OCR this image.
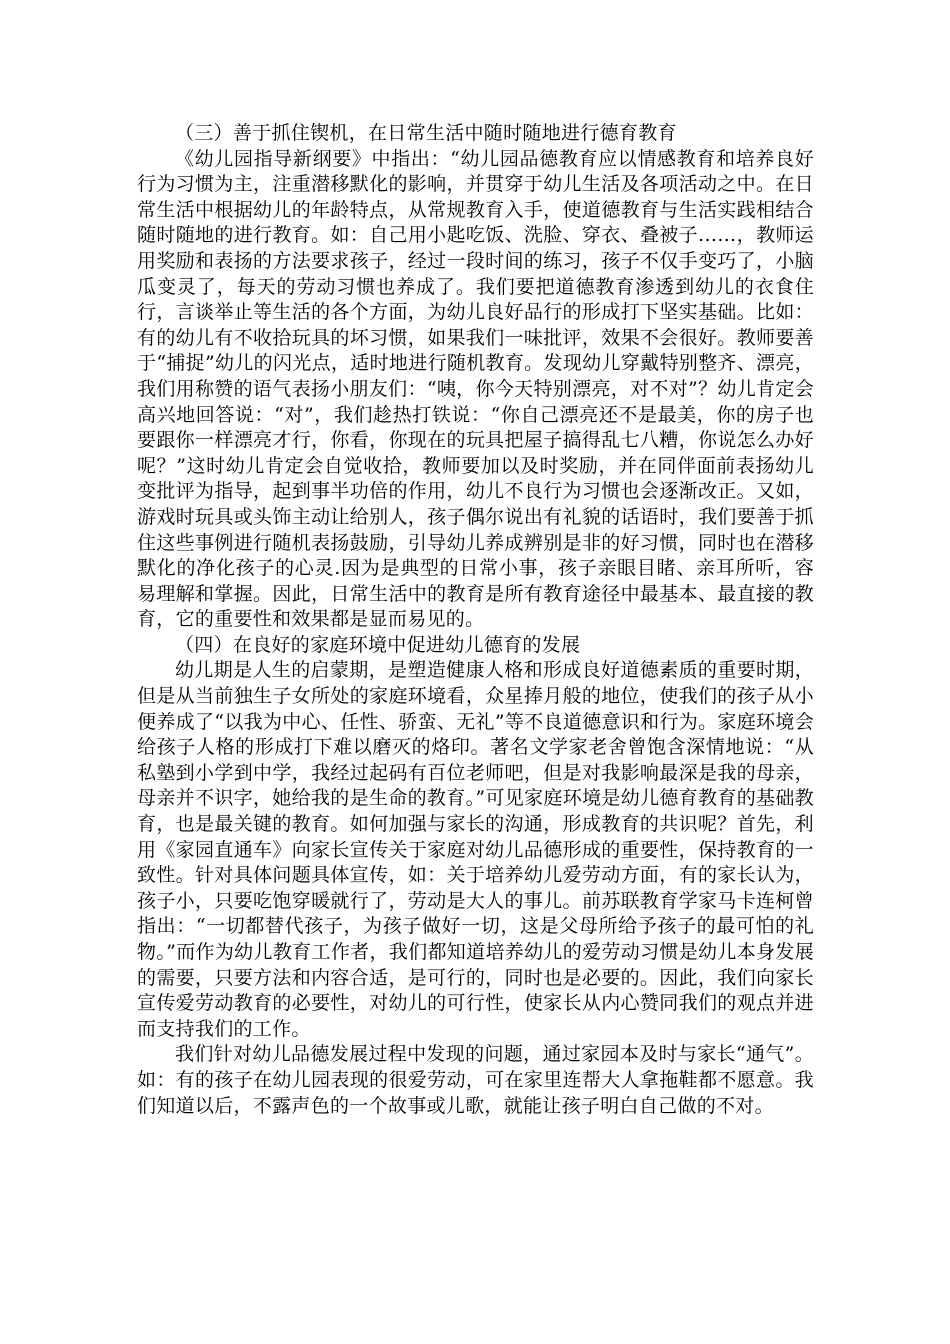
（三）善于抓住锲机，在日常生活中随时随地进行德育教育

《幼儿园指导新纲要》中指出：“幼儿园品德教育应以情感教育和培养良好行为习惯为主，注重潜移默化的影响，并贯穿于幼儿生活及各项活动之中。在日常生活中根据幼儿的年龄特点，从常规教育入手，使道德教育与生活实践相结合随时随地的进行教育。如：自己用小匙吃饭、洗脸、穿衣、叠被子……，教师运用奖励和表扬的方法要求孩子，经过一段时间的练习，孩子不仅手变巧了，小脑瓜变灵了，每天的劳动习惯也养成了。我们要把道德教育渗透到幼儿的衣食住行，言谈举止等生活的各个方面，为幼儿良好品行的形成打下坚实基础。比如：有的幼儿有不收拾玩具的坏习惯，如果我们一味批评，效果不会很好。教师要善于“捕捉”幼儿的闪光点，适时地进行随机教育。发现幼儿穿戴特别整齐、漂亮，我们用称赞的语气表扬小朋友们：“咦，你今天特别漂亮，对不对”？幼儿肯定会高兴地回答说：“对”，我们趁热打铁说：“你自己漂亮还不是最美，你的房子也要跟你一样漂亮才行，你看，你现在的玩具把屋子搞得乱七八糟，你说怎么办好呢？”这时幼儿肯定会自觉收拾，教师要加以及时奖励，并在同伴面前表扬幼儿变批评为指导，起到事半功倍的作用，幼儿不良行为习惯也会逐渐改正。又如，游戏时玩具或头饰主动让给别人，孩子偶尔说出有礼貌的话语时，我们要善于抓住这些事例进行随机表扬鼓励，引导幼儿养成辨别是非的好习惯，同时也在潜移默化的净化孩子的心灵.因为是典型的日常小事，孩子亲眼目睹、亲耳所听，容易理解和掌握。因此，日常生活中的教育是所有教育途径中最基本、最直接的教育，它的重要性和效果都是显而易见的。

（四）在良好的家庭环境中促进幼儿德育的发展

幼儿期是人生的启蒙期，是塑造健康人格和形成良好道德素质的重要时期，但是从当前独生子女所处的家庭环境看，众星捧月般的地位，使我们的孩子从小便养成了“以我为中心、任性、骄蛮、无礼”等不良道德意识和行为。家庭环境会给孩子人格的形成打下难以磨灭的烙印。著名文学家老舍曾饱含深情地说：“从私塾到小学到中学，我经过起码有百位老师吧，但是对我影响最深是我的母亲，母亲并不识字，她给我的是生命的教育。”可见家庭环境是幼儿德育教育的基础教育，也是最关键的教育。如何加强与家长的沟通，形成教育的共识呢？首先，利用《家园直通车》向家长宣传关于家庭对幼儿品德形成的重要性，保持教育的一致性。针对具体问题具体宣传，如：关于培养幼儿爱劳动方面，有的家长认为，孩子小，只要吃饱穿暖就行了，劳动是大人的事儿。前苏联教育学家马卡连柯曾指出：“一切都替代孩子，为孩子做好一切，这是父母所给予孩子的最可怕的礼物。”而作为幼儿教育工作者，我们都知道培养幼儿的爱劳动习惯是幼儿本身发展的需要，只要方法和内容合适，是可行的，同时也是必要的。因此，我们向家长宣传爱劳动教育的必要性，对幼儿的可行性，使家长从内心赞同我们的观点并进而支持我们的工作。

我们针对幼儿品德发展过程中发现的问题，通过家园本及时与家长“通气”。如：有的孩子在幼儿园表现的很爱劳动，可在家里连帮大人拿拖鞋都不愿意。我们知道以后，不露声色的一个故事或儿歌，就能让孩子明白自己做的不对。
